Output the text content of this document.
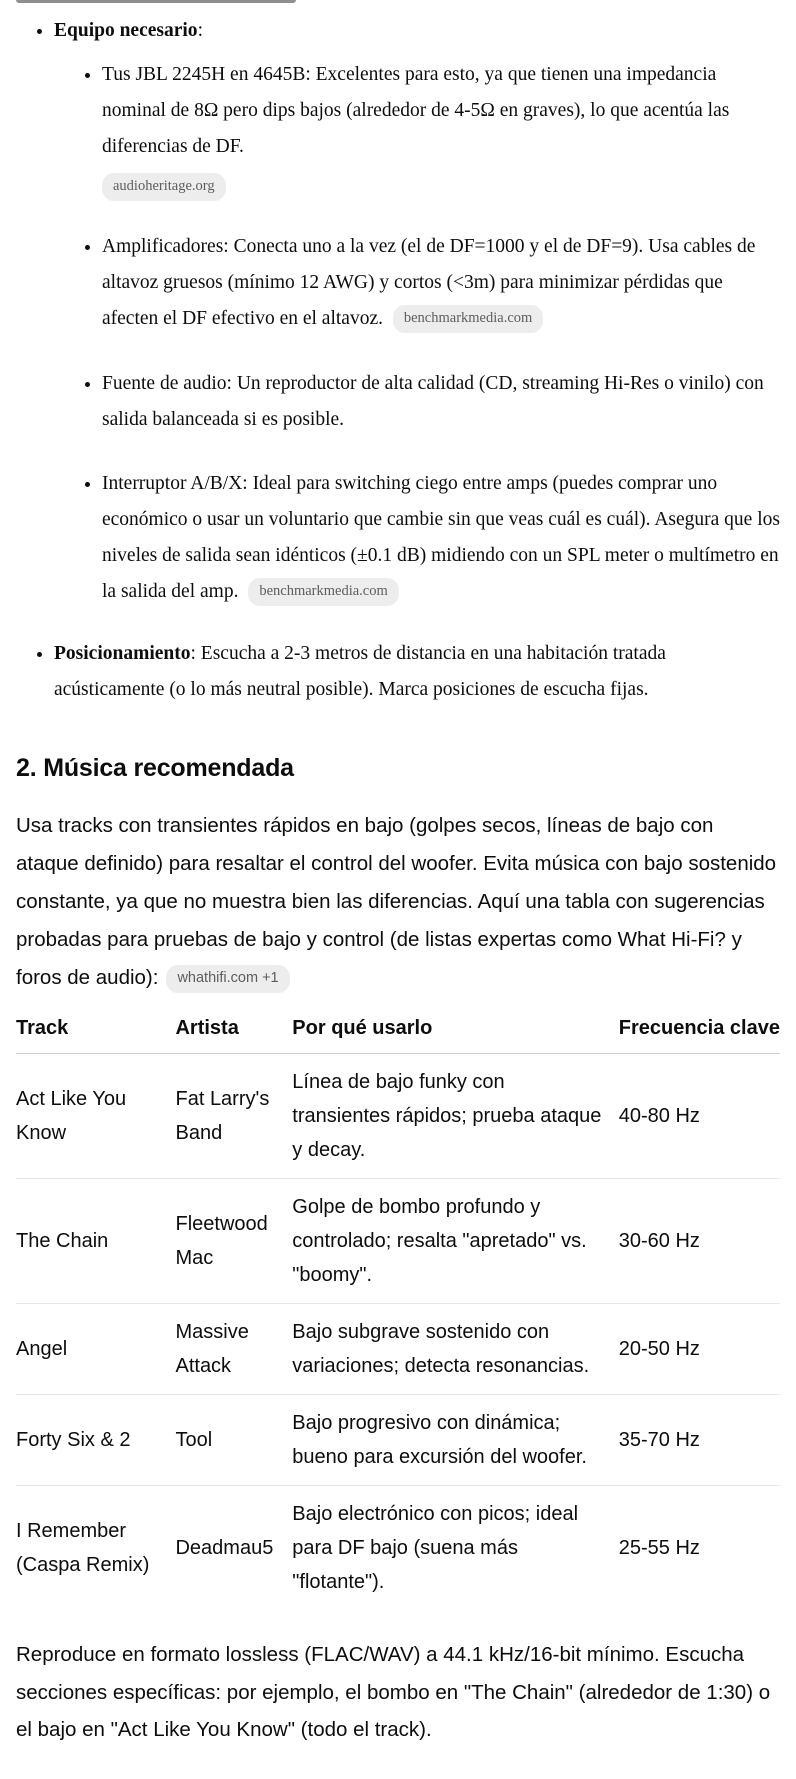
• Equipo necesario:
• Tus JBL 2245H en 4645B: Excelentes para esto, ya que tienen una impedancia nominal de 8Ω pero dips bajos (alrededor de 4-5Ω en graves), lo que acentúa las diferencias de DF.
audioheritage.org
• Amplificadores: Conecta uno a la vez (el de DF=1000 y el de DF=9). Usa cables de altavoz gruesos (mínimo 12 AWG) y cortos (<3m) para minimizar pérdidas que afecten el DF efectivo en el altavoz. benchmarkmedia.com
• Fuente de audio: Un reproductor de alta calidad (CD, streaming Hi-Res o vinilo) con salida balanceada si es posible.
• Interruptor A/B/X: Ideal para switching ciego entre amps (puedes comprar uno económico o usar un voluntario que cambie sin que veas cuál es cuál). Asegura que los niveles de salida sean idénticos (±0.1 dB) midiendo con un SPL meter o multímetro en la salida del amp. benchmarkmedia.com
• Posicionamiento: Escucha a 2-3 metros de distancia en una habitación tratada acústicamente (o lo más neutral posible). Marca posiciones de escucha fijas.
2. Música recomendada

Usa tracks con transientes rápidos en bajo (golpes secos, líneas de bajo con ataque definido) para resaltar el control del woofer. Evita música con bajo sostenido constante, ya que no muestra bien las diferencias. Aquí una tabla con sugerencias probadas para pruebas de bajo y control (de listas expertas como What Hi-Fi? y foros de audio): whathifi.com +1

Track	Artista	Por qué usarlo	Frecuencia clave
Act Like You Know	Fat Larry's Band	Línea de bajo funky con transientes rápidos; prueba ataque y decay.	40-80 Hz
The Chain	Fleetwood Mac	Golpe de bombo profundo y controlado; resalta "apretado" vs. "boomy".	30-60 Hz
Angel	Massive Attack	Bajo subgrave sostenido con variaciones; detecta resonancias.	20-50 Hz
Forty Six & 2	Tool	Bajo progresivo con dinámica; bueno para excursión del woofer.	35-70 Hz
I Remember (Caspa Remix)	Deadmau5	Bajo electrónico con picos; ideal para DF bajo (suena más "flotante").	25-55 Hz

Reproduce en formato lossless (FLAC/WAV) a 44.1 kHz/16-bit mínimo. Escucha secciones específicas: por ejemplo, el bombo en "The Chain" (alrededor de 1:30) o el bajo en "Act Like You Know" (todo el track).
